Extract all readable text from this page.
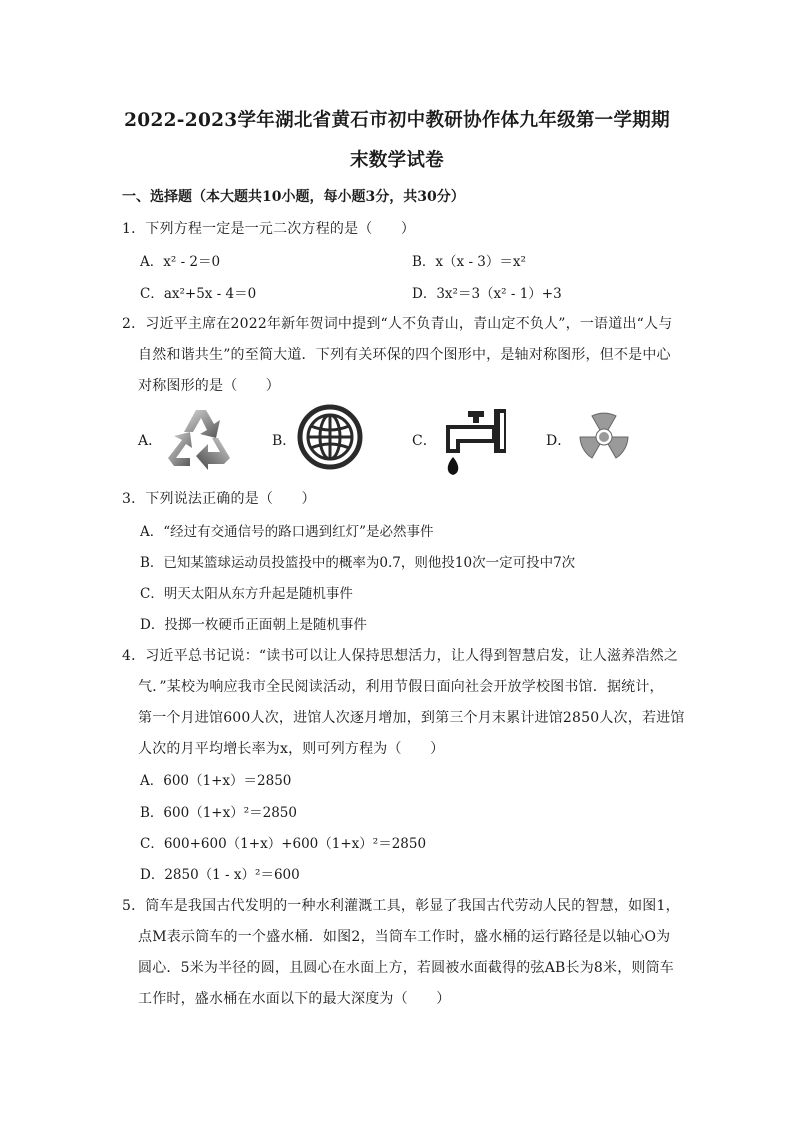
2022-2023学年湖北省黄石市初中教研协作体九年级第一学期期
末数学试卷
一、选择题（本大题共10小题，每小题3分，共30分）
1．下列方程一定是一元二次方程的是（　　）
A．x² - 2＝0	B．x（x - 3）＝x²
C．ax²+5x - 4＝0	D．3x²＝3（x² - 1）+3
2．习近平主席在2022年新年贺词中提到“人不负青山，青山定不负人”，一语道出“人与
自然和谐共生”的至简大道．下列有关环保的四个图形中，是轴对称图形，但不是中心
对称图形的是（　　）
A．	B．	C．	D．
3．下列说法正确的是（　　）
A．“经过有交通信号的路口遇到红灯”是必然事件
B．已知某篮球运动员投篮投中的概率为0.7，则他投10次一定可投中7次
C．明天太阳从东方升起是随机事件
D．投掷一枚硬币正面朝上是随机事件
4．习近平总书记说：“读书可以让人保持思想活力，让人得到智慧启发，让人滋养浩然之
气．”某校为响应我市全民阅读活动，利用节假日面向社会开放学校图书馆．据统计，
第一个月进馆600人次，进馆人次逐月增加，到第三个月末累计进馆2850人次，若进馆
人次的月平均增长率为x，则可列方程为（　　）
A．600（1+x）＝2850
B．600（1+x）²＝2850
C．600+600（1+x）+600（1+x）²＝2850
D．2850（1 - x）²＝600
5．筒车是我国古代发明的一种水利灌溉工具，彰显了我国古代劳动人民的智慧，如图1，
点M表示筒车的一个盛水桶．如图2，当筒车工作时，盛水桶的运行路径是以轴心O为
圆心．5米为半径的圆，且圆心在水面上方，若圆被水面截得的弦AB长为8米，则筒车
工作时，盛水桶在水面以下的最大深度为（　　）
